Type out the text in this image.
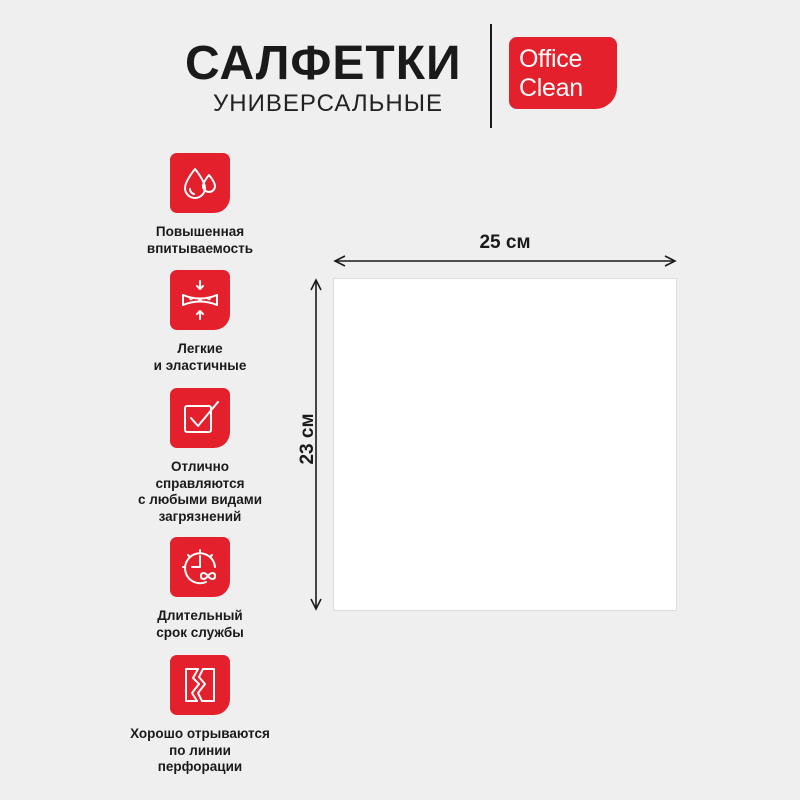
САЛФЕТКИ
УНИВЕРСАЛЬНЫЕ
Office
Clean
Повышенная
впитываемость
Легкие
и эластичные
Отлично
справляются
с любыми видами
загрязнений
Длительный
срок службы
Хорошо отрываются
по линии
перфорации
25 см
23 см
